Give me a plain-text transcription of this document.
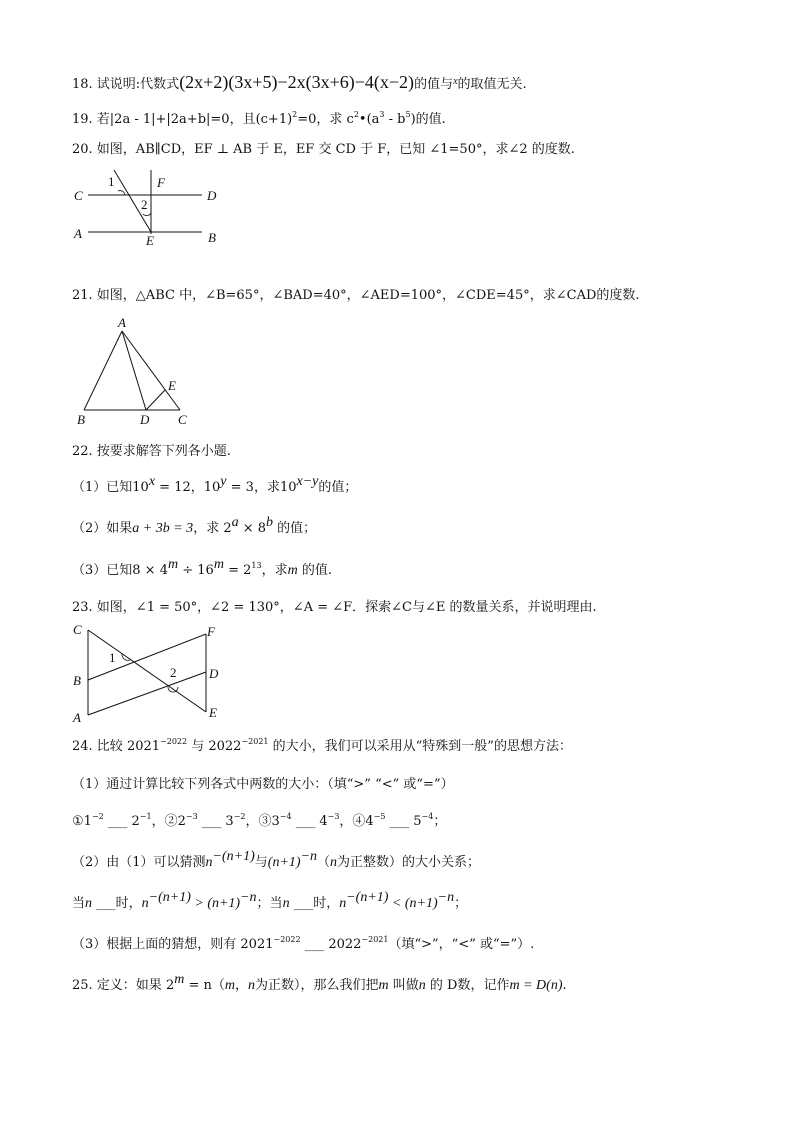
18. 试说明:代数式(2x+2)(3x+5)−2x(3x+6)−4(x−2)的值与$^x$的取值无关.
19. 若|2a - 1|+|2a+b|=0，且$(c+1)^2=0$，求 $c^2•(a^3 - b^5)$的值.
20. 如图，AB∥CD，EF ⊥ AB 于 E，EF 交 CD 于 F，已知 ∠1=50°，求∠2 的度数.
C	D
A	B
E
F
1
2
21. 如图，△ABC 中，∠B=65°，∠BAD=40°，∠AED=100°，∠CDE=45°，求∠CAD的度数.
A
B	D C
E
22. 按要求解答下列各小题.
（1）已知$10^x = 12$，$10^y = 3$，求$10^{x-y}$的值；
（2）如果a + 3b = 3，求 $2^a \times 8^b$ 的值；
（3）已知$8 \times 4^m \div 16^m = 2^{13}$，求m 的值.
23. 如图，∠1 = 50°，∠2 = 130°，∠A = ∠F．探索∠C与∠E 的数量关系，并说明理由.
C	F
B	D
A	E
1
2
24. 比较 $2021^{-2022}$ 与 $2022^{-2021}$ 的大小，我们可以采用从“特殊到一般”的思想方法：
（1）通过计算比较下列各式中两数的大小：（填“>” “<” 或“=”）
$①1^{-2}$ ___ $2^{-1}$，$②2^{-3}$ ___ $3^{-2}$，$③3^{-4}$ ___ $4^{-3}$，$④4^{-5}$ ___ $5^{-4}$；
（2）由（1）可以猜测$n^{-(n+1)}$与$(n+1)^{-n}(n$为正整数）的大小关系；
当n ___时，$n^{-(n+1)} > (n+1)^{-n}$；当n ___时，$n^{-(n+1)} < (n+1)^{-n}$；
（3）根据上面的猜想，则有 $2021^{-2022}$ ___ $2022^{-2021}$（填“>”，“<” 或“=”）.
25. 定义：如果 $2^m = n(m$，n为正数），那么我们把m 叫做n 的 D数，记作m = D(n).
